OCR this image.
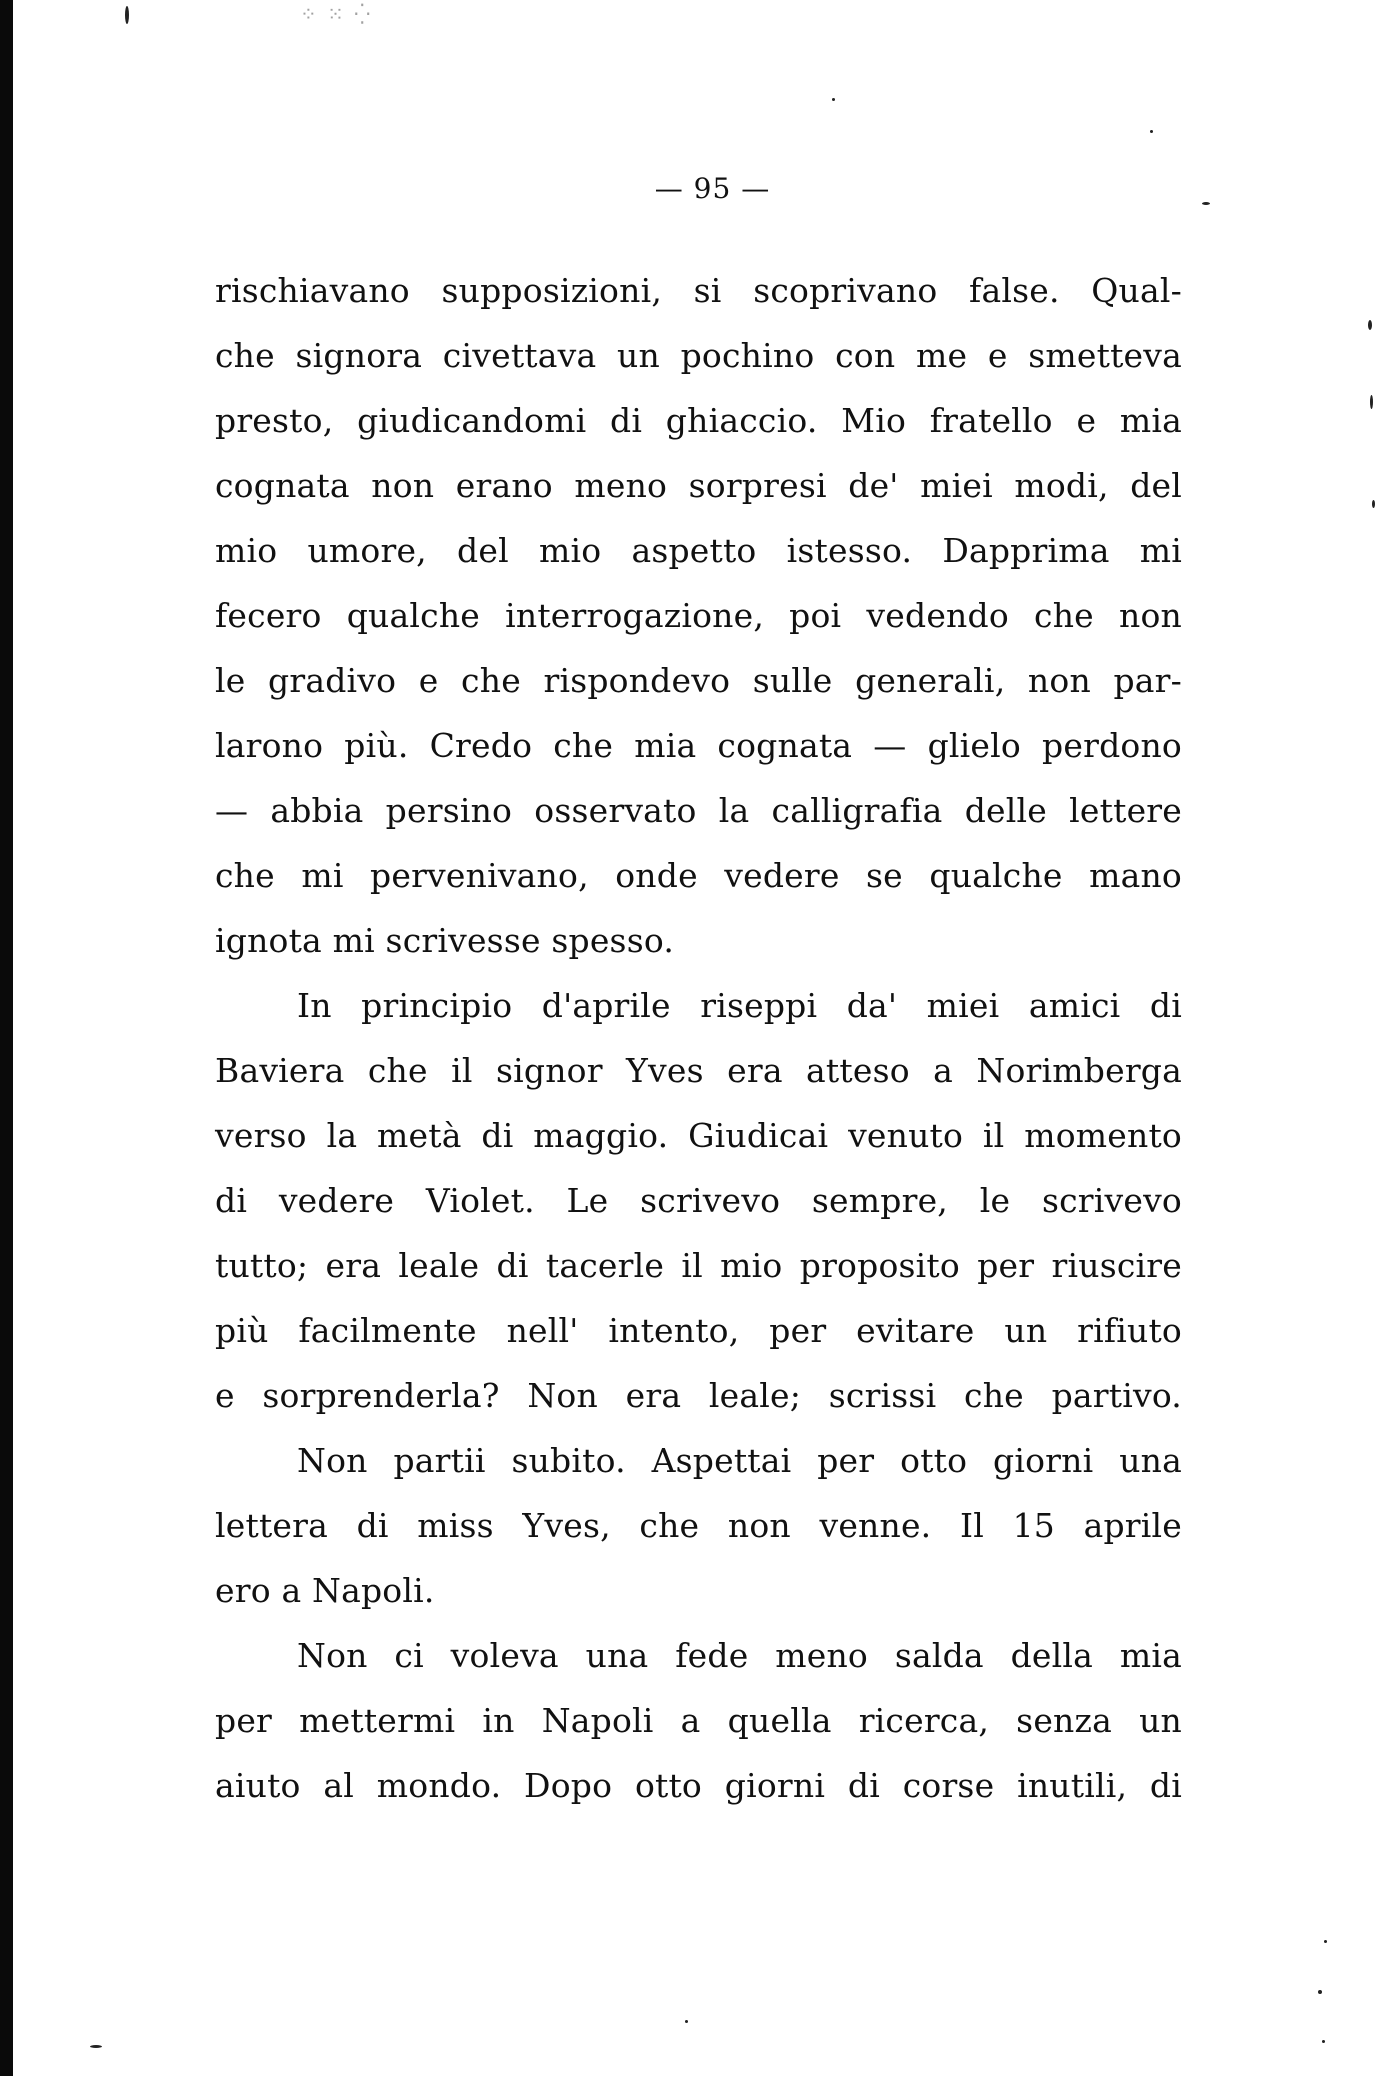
⁘ ⁙ ⁛
— 95 —
rischiavano supposizioni, si scoprivano false. Qual-
che signora civettava un pochino con me e smetteva
presto, giudicandomi di ghiaccio. Mio fratello e mia
cognata non erano meno sorpresi de' miei modi, del
mio umore, del mio aspetto istesso. Dapprima mi
fecero qualche interrogazione, poi vedendo che non
le gradivo e che rispondevo sulle generali, non par-
larono più. Credo che mia cognata — glielo perdono
— abbia persino osservato la calligrafia delle lettere
che mi pervenivano, onde vedere se qualche mano
ignota mi scrivesse spesso.
In principio d'aprile riseppi da' miei amici di
Baviera che il signor Yves era atteso a Norimberga
verso la metà di maggio. Giudicai venuto il momento
di vedere Violet. Le scrivevo sempre, le scrivevo
tutto; era leale di tacerle il mio proposito per riuscire
più facilmente nell' intento, per evitare un rifiuto
e sorprenderla? Non era leale; scrissi che partivo.
Non partii subito. Aspettai per otto giorni una
lettera di miss Yves, che non venne. Il 15 aprile
ero a Napoli.
Non ci voleva una fede meno salda della mia
per mettermi in Napoli a quella ricerca, senza un
aiuto al mondo. Dopo otto giorni di corse inutili, di
